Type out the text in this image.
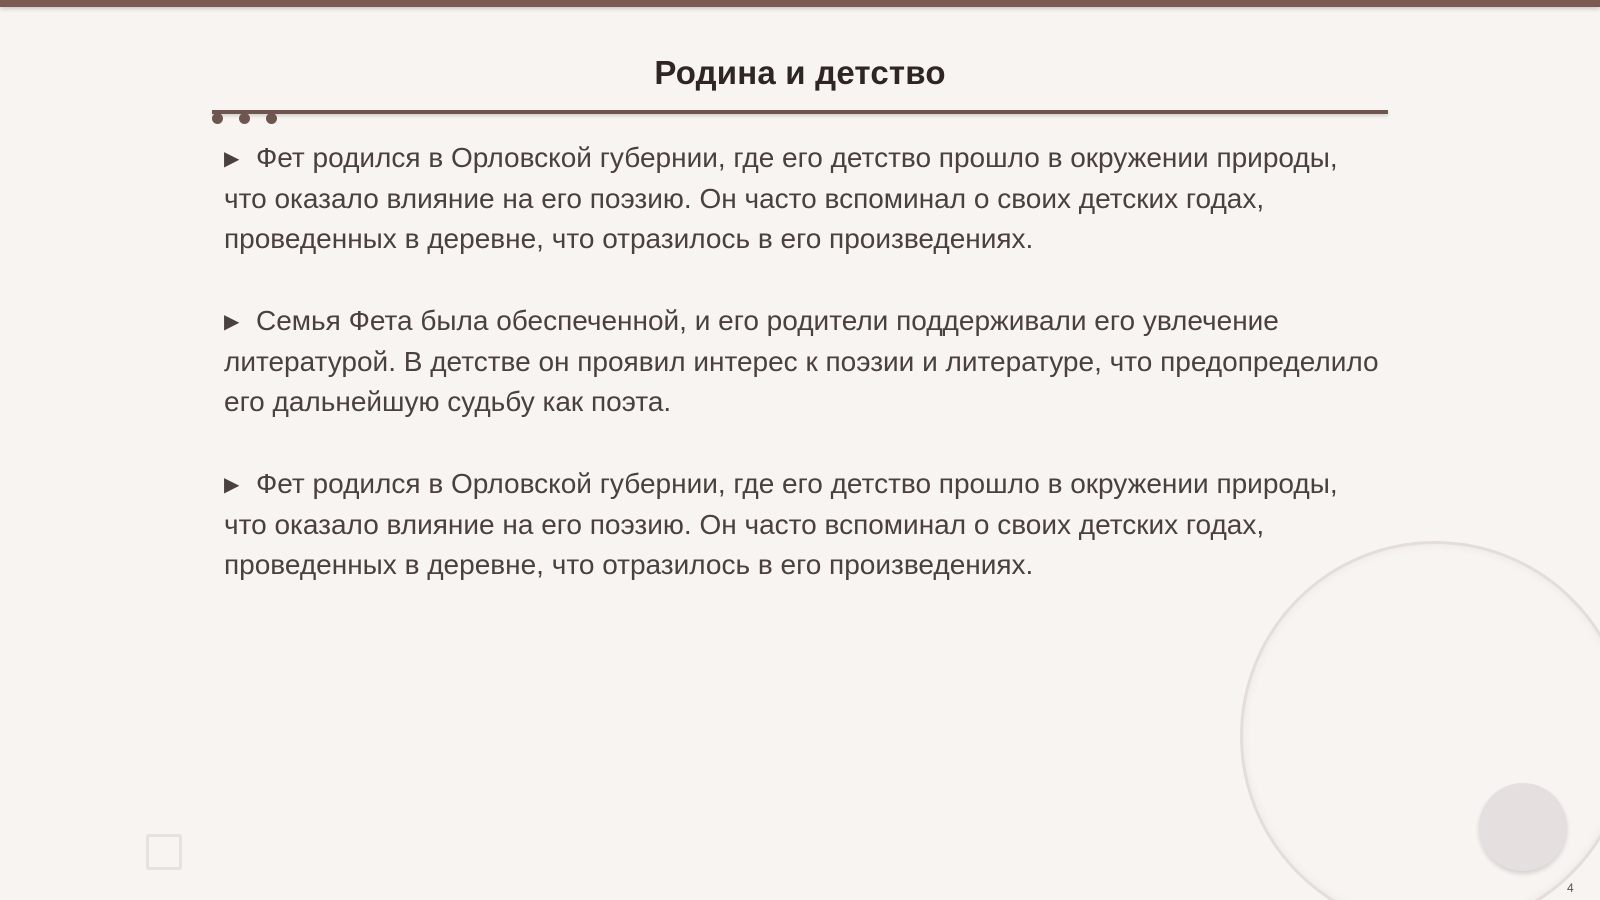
Родина и детство

▶ Фет родился в Орловской губернии, где его детство прошло в окружении природы, что оказало влияние на его поэзию. Он часто вспоминал о своих детских годах, проведенных в деревне, что отразилось в его произведениях.

▶ Семья Фета была обеспеченной, и его родители поддерживали его увлечение литературой. В детстве он проявил интерес к поэзии и литературе, что предопределило его дальнейшую судьбу как поэта.

▶ Фет родился в Орловской губернии, где его детство прошло в окружении природы, что оказало влияние на его поэзию. Он часто вспоминал о своих детских годах, проведенных в деревне, что отразилось в его произведениях.

4
